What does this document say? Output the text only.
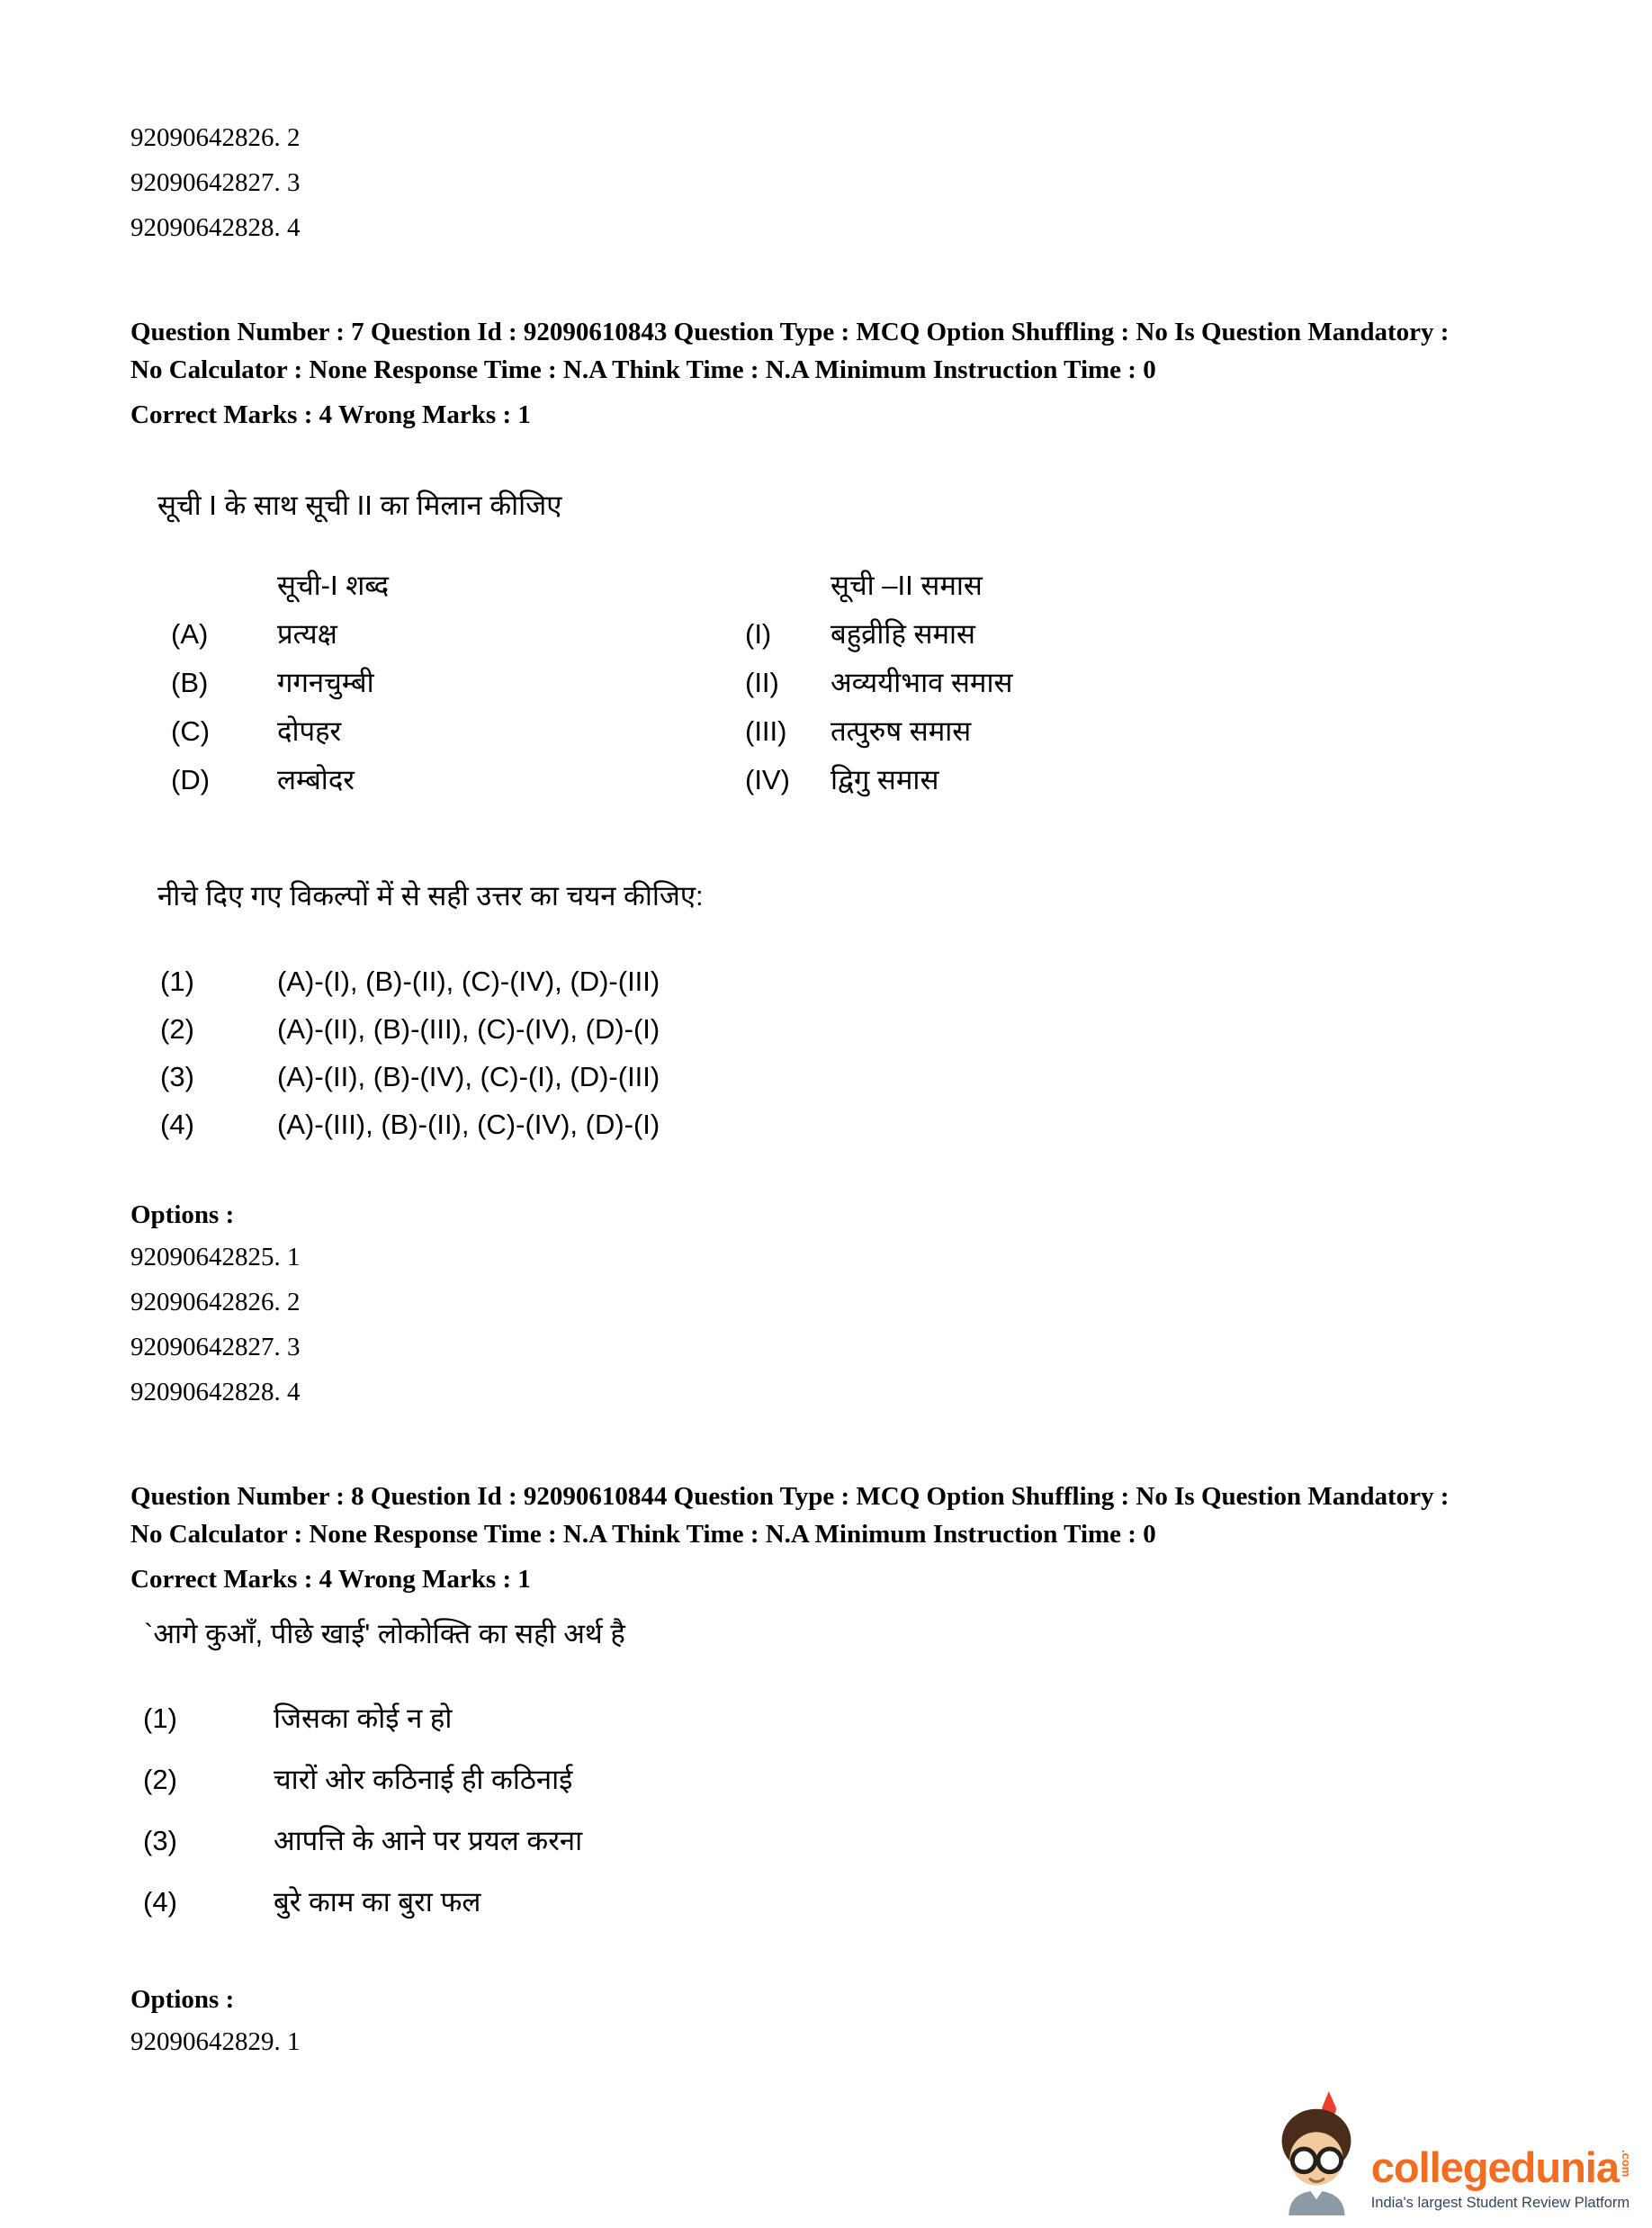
92090642826. 2
92090642827. 3
92090642828. 4
Question Number : 7 Question Id : 92090610843 Question Type : MCQ Option Shuffling : No Is Question Mandatory : No Calculator : None Response Time : N.A Think Time : N.A Minimum Instruction Time : 0
Correct Marks : 4 Wrong Marks : 1
सूची I के साथ सूची II का मिलान कीजिए
सूची-I शब्द	सूची –II समास
(A)	प्रत्यक्ष	(I)	बहुव्रीहि समास
(B)	गगनचुम्बी	(II)	अव्ययीभाव समास
(C)	दोपहर	(III)	तत्पुरुष समास
(D)	लम्बोदर	(IV)	द्विगु समास
नीचे दिए गए विकल्पों में से सही उत्तर का चयन कीजिए:
(1)	(A)-(I), (B)-(II), (C)-(IV), (D)-(III)
(2)	(A)-(II), (B)-(III), (C)-(IV), (D)-(I)
(3)	(A)-(II), (B)-(IV), (C)-(I), (D)-(III)
(4)	(A)-(III), (B)-(II), (C)-(IV), (D)-(I)
Options :
92090642825. 1
92090642826. 2
92090642827. 3
92090642828. 4
Question Number : 8 Question Id : 92090610844 Question Type : MCQ Option Shuffling : No Is Question Mandatory : No Calculator : None Response Time : N.A Think Time : N.A Minimum Instruction Time : 0
Correct Marks : 4 Wrong Marks : 1
`आगे कुआँ, पीछे खाई' लोकोक्ति का सही अर्थ है
(1)	जिसका कोई न हो
(2)	चारों ओर कठिनाई ही कठिनाई
(3)	आपत्ति के आने पर प्रयल करना
(4)	बुरे काम का बुरा फल
Options :
92090642829. 1
collegedunia .com
India's largest Student Review Platform
